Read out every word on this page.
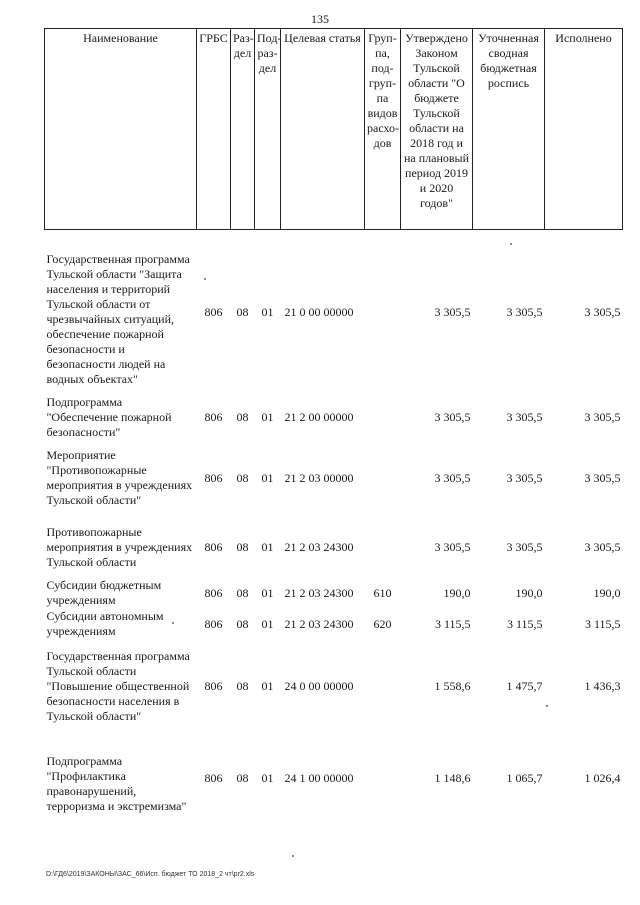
135
Наименование	ГРБС	Раз-дел	Под-раз-дел	Целевая статья	Груп-па, под-груп-па видов расхо-дов	Утверждено Законом Тульской области "О бюджете Тульской области на 2018 год и на плановый период 2019 и 2020 годов"	Уточненная сводная бюджетная роспись	Исполнено
Государственная программа Тульской области "Защита населения и территорий Тульской области от чрезвычайных ситуаций, обеспечение пожарной безопасности и безопасности людей на водных объектах"	806	08	01	21 0 00 00000		3 305,5	3 305,5	3 305,5
Подпрограмма "Обеспечение пожарной безопасности"	806	08	01	21 2 00 00000		3 305,5	3 305,5	3 305,5
Мероприятие "Противопожарные мероприятия в учреждениях Тульской области"	806	08	01	21 2 03 00000		3 305,5	3 305,5	3 305,5
Противопожарные мероприятия в учреждениях Тульской области	806	08	01	21 2 03 24300		3 305,5	3 305,5	3 305,5
Субсидии бюджетным учреждениям	806	08	01	21 2 03 24300	610	190,0	190,0	190,0
Субсидии автономным учреждениям	806	08	01	21 2 03 24300	620	3 115,5	3 115,5	3 115,5
Государственная программа Тульской области "Повышение общественной безопасности населения в Тульской области"	806	08	01	24 0 00 00000		1 558,6	1 475,7	1 436,3
Подпрограмма "Профилактика правонарушений, терроризма и экстремизма"	806	08	01	24 1 00 00000		1 148,6	1 065,7	1 026,4
D:\ГД6\2019\ЗАКОНЫ\ЗАС_66\Исп. бюджет ТО 2018_2 чт\pr2.xls
